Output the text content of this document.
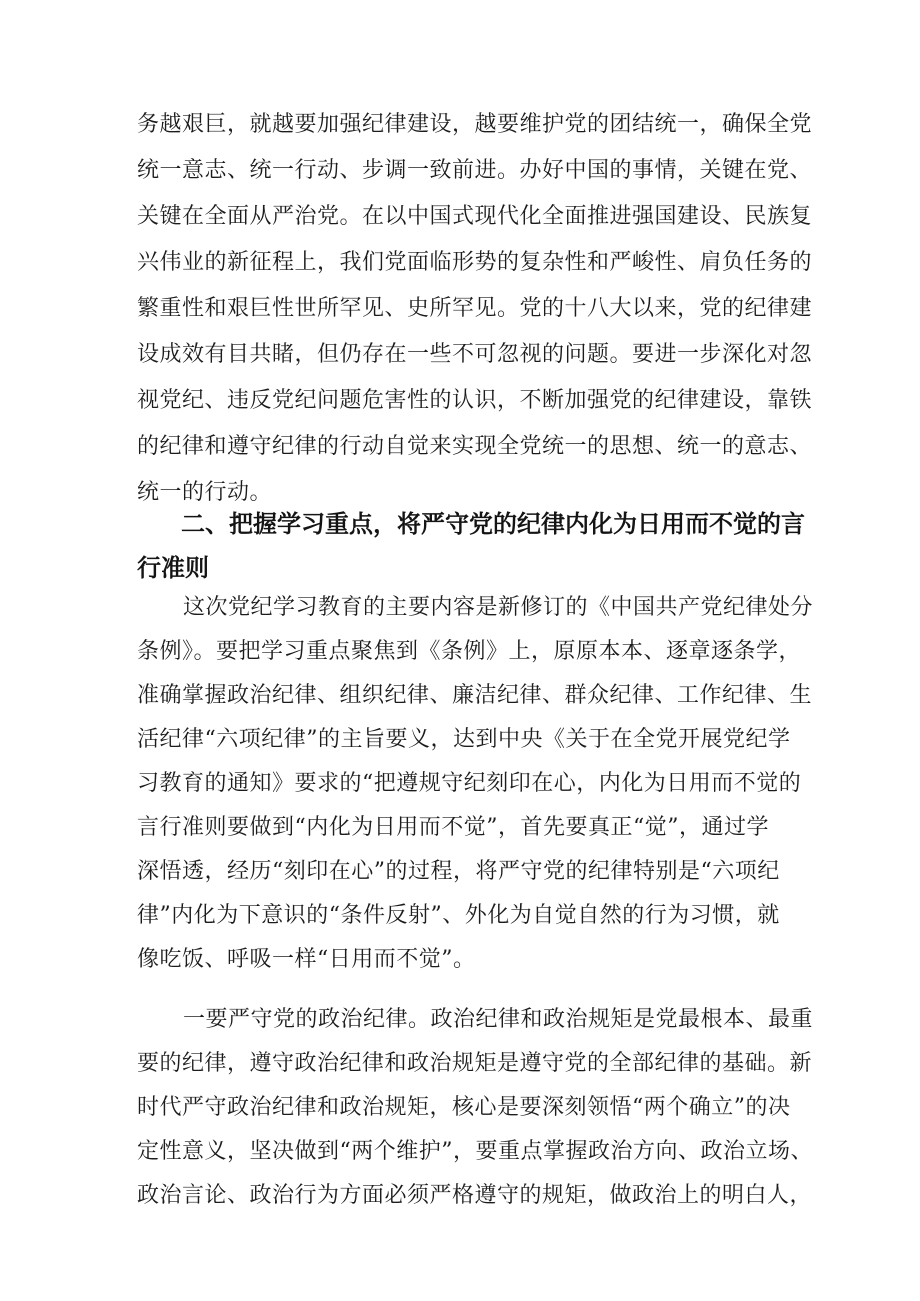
务越艰巨，就越要加强纪律建设，越要维护党的团结统一，确保全党
统一意志、统一行动、步调一致前进。办好中国的事情，关键在党、
关键在全面从严治党。在以中国式现代化全面推进强国建设、民族复
兴伟业的新征程上，我们党面临形势的复杂性和严峻性、肩负任务的
繁重性和艰巨性世所罕见、史所罕见。党的十八大以来，党的纪律建
设成效有目共睹，但仍存在一些不可忽视的问题。要进一步深化对忽
视党纪、违反党纪问题危害性的认识，不断加强党的纪律建设，靠铁
的纪律和遵守纪律的行动自觉来实现全党统一的思想、统一的意志、
统一的行动。
二、把握学习重点，将严守党的纪律内化为日用而不觉的言
行准则
这次党纪学习教育的主要内容是新修订的《中国共产党纪律处分
条例》。要把学习重点聚焦到《条例》上，原原本本、逐章逐条学，
准确掌握政治纪律、组织纪律、廉洁纪律、群众纪律、工作纪律、生
活纪律“六项纪律”的主旨要义，达到中央《关于在全党开展党纪学
习教育的通知》要求的“把遵规守纪刻印在心，内化为日用而不觉的
言行准则要做到“内化为日用而不觉”，首先要真正“觉”，通过学
深悟透，经历“刻印在心”的过程，将严守党的纪律特别是“六项纪
律”内化为下意识的“条件反射”、外化为自觉自然的行为习惯，就
像吃饭、呼吸一样“日用而不觉”。
一要严守党的政治纪律。政治纪律和政治规矩是党最根本、最重
要的纪律，遵守政治纪律和政治规矩是遵守党的全部纪律的基础。新
时代严守政治纪律和政治规矩，核心是要深刻领悟“两个确立”的决
定性意义，坚决做到“两个维护”，要重点掌握政治方向、政治立场、
政治言论、政治行为方面必须严格遵守的规矩，做政治上的明白人，
